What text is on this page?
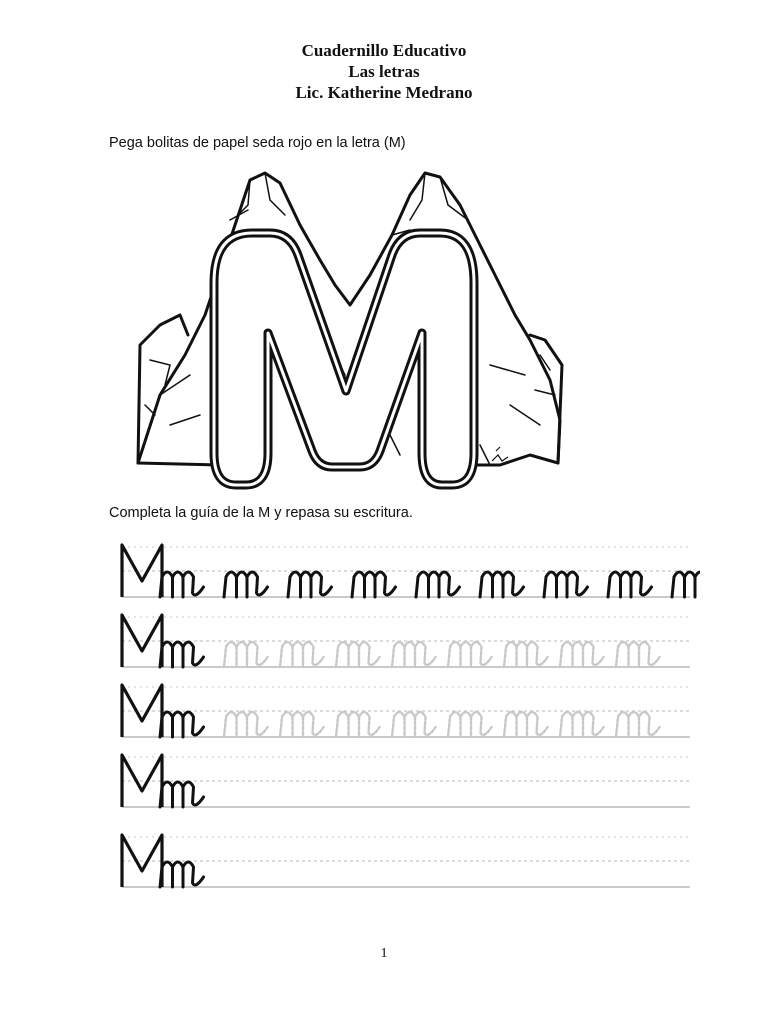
Cuadernillo Educativo
Las letras
Lic. Katherine Medrano
Pega bolitas de papel seda rojo en la letra (M)
Completa la guía de la M y repasa su escritura.
1
